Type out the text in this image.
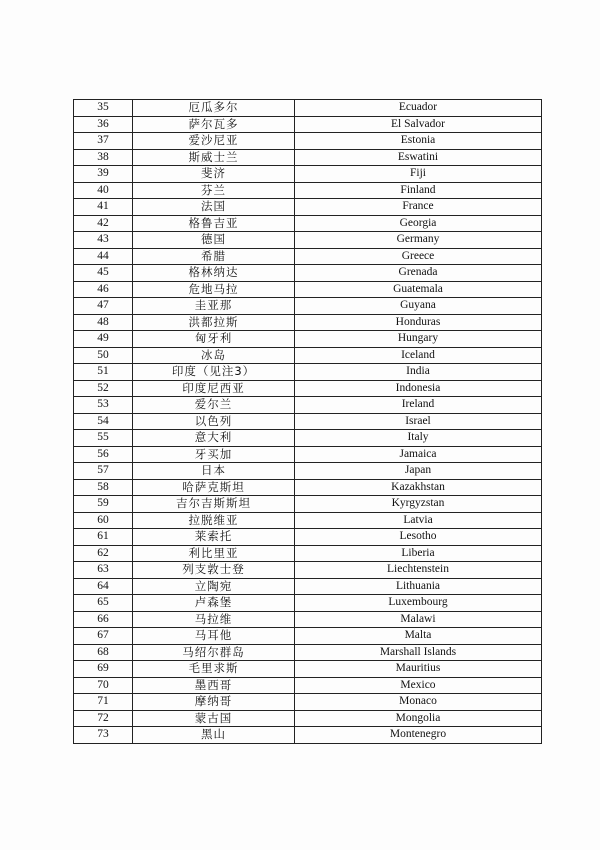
35	厄瓜多尔	Ecuador
36	萨尔瓦多	El Salvador
37	爱沙尼亚	Estonia
38	斯威士兰	Eswatini
39	斐济	Fiji
40	芬兰	Finland
41	法国	France
42	格鲁吉亚	Georgia
43	德国	Germany
44	希腊	Greece
45	格林纳达	Grenada
46	危地马拉	Guatemala
47	圭亚那	Guyana
48	洪都拉斯	Honduras
49	匈牙利	Hungary
50	冰岛	Iceland
51	印度（见注3）	India
52	印度尼西亚	Indonesia
53	爱尔兰	Ireland
54	以色列	Israel
55	意大利	Italy
56	牙买加	Jamaica
57	日本	Japan
58	哈萨克斯坦	Kazakhstan
59	吉尔吉斯斯坦	Kyrgyzstan
60	拉脱维亚	Latvia
61	莱索托	Lesotho
62	利比里亚	Liberia
63	列支敦士登	Liechtenstein
64	立陶宛	Lithuania
65	卢森堡	Luxembourg
66	马拉维	Malawi
67	马耳他	Malta
68	马绍尔群岛	Marshall Islands
69	毛里求斯	Mauritius
70	墨西哥	Mexico
71	摩纳哥	Monaco
72	蒙古国	Mongolia
73	黑山	Montenegro
